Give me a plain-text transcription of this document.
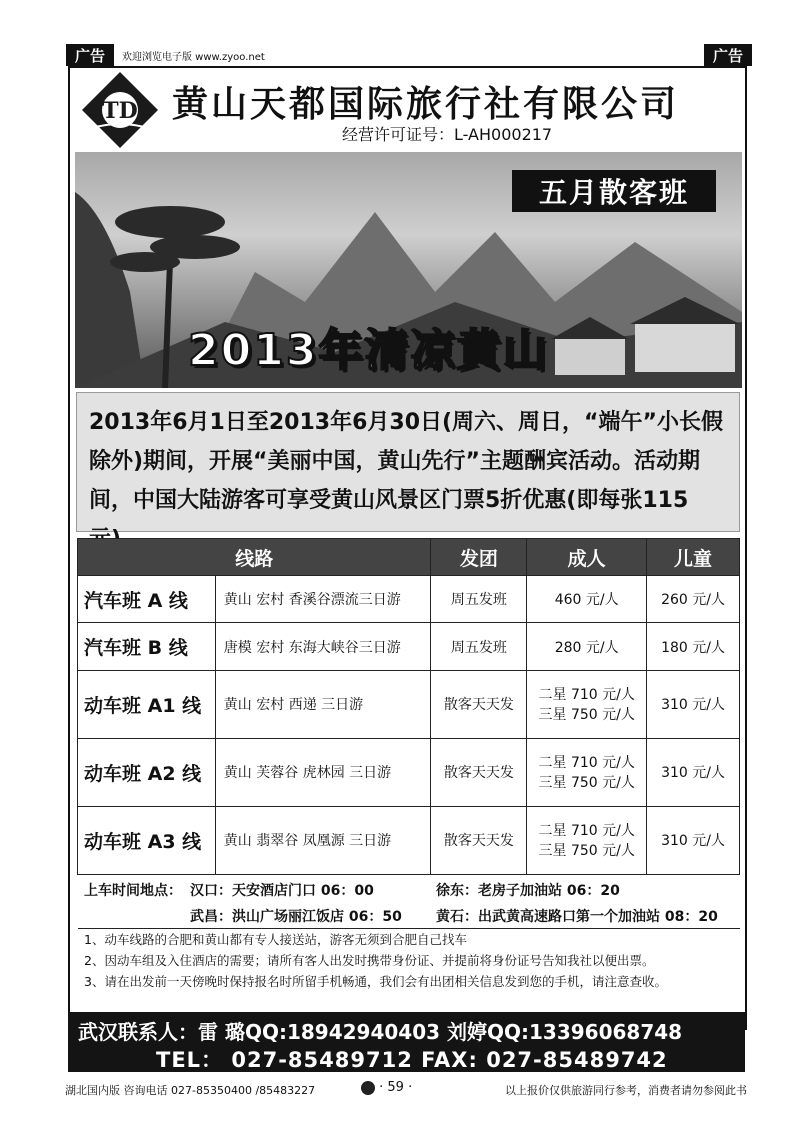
广告	广告
欢迎浏览电子版 www.zyoo.net
TD 黄山天都国际旅行社有限公司
经营许可证号：L-AH000217
五月散客班
2013年清凉黄山
2013年6月1日至2013年6月30日(周六、周日，“端午”小长假除外)期间，开展“美丽中国，黄山先行”主题酬宾活动。活动期间，中国大陆游客可享受黄山风景区门票5折优惠(即每张115
线路		发团	成人	儿童
汽车班 A 线	黄山 宏村 香溪谷漂流三日游	周五发班	460 元/人	260 元/人
汽车班 B 线	唐模 宏村 东海大峡谷三日游	周五发班	280 元/人	180 元/人
动车班 A1 线	黄山 宏村 西递 三日游	散客天天发	二星 710 元/人
三星 750 元/人	310 元/人
动车班 A2 线	黄山 芙蓉谷 虎林园 三日游	散客天天发	二星 710 元/人
三星 750 元/人	310 元/人
动车班 A3 线	黄山 翡翠谷 凤凰源 三日游	散客天天发	二星 710 元/人
三星 750 元/人	310 元/人
上车时间地点： 汉口：天安酒店门口 06：00	徐东：老房子加油站 06：20
武昌：洪山广场丽江饭店 06：50 黄石：出武黄高速路口第一个加油站 08：20
1、动车线路的合肥和黄山都有专人接送站，游客无须到合肥自己找车
2、因动车组及入住酒店的需要；请所有客人出发时携带身份证、并提前将身份证号告知我社以便出票。
3、请在出发前一天傍晚时保持报名时所留手机畅通，我们会有出团相关信息发到您的手机，请注意查收。
武汉联系人：雷 璐QQ:18942940403 刘婷QQ:13396068748
TEL： 027-85489712 FAX: 027-85489742
湖北国内版 咨询电话 027-85350400 /85483227	· 59 ·	以上报价仅供旅游同行参考，消费者请勿参阅此书
